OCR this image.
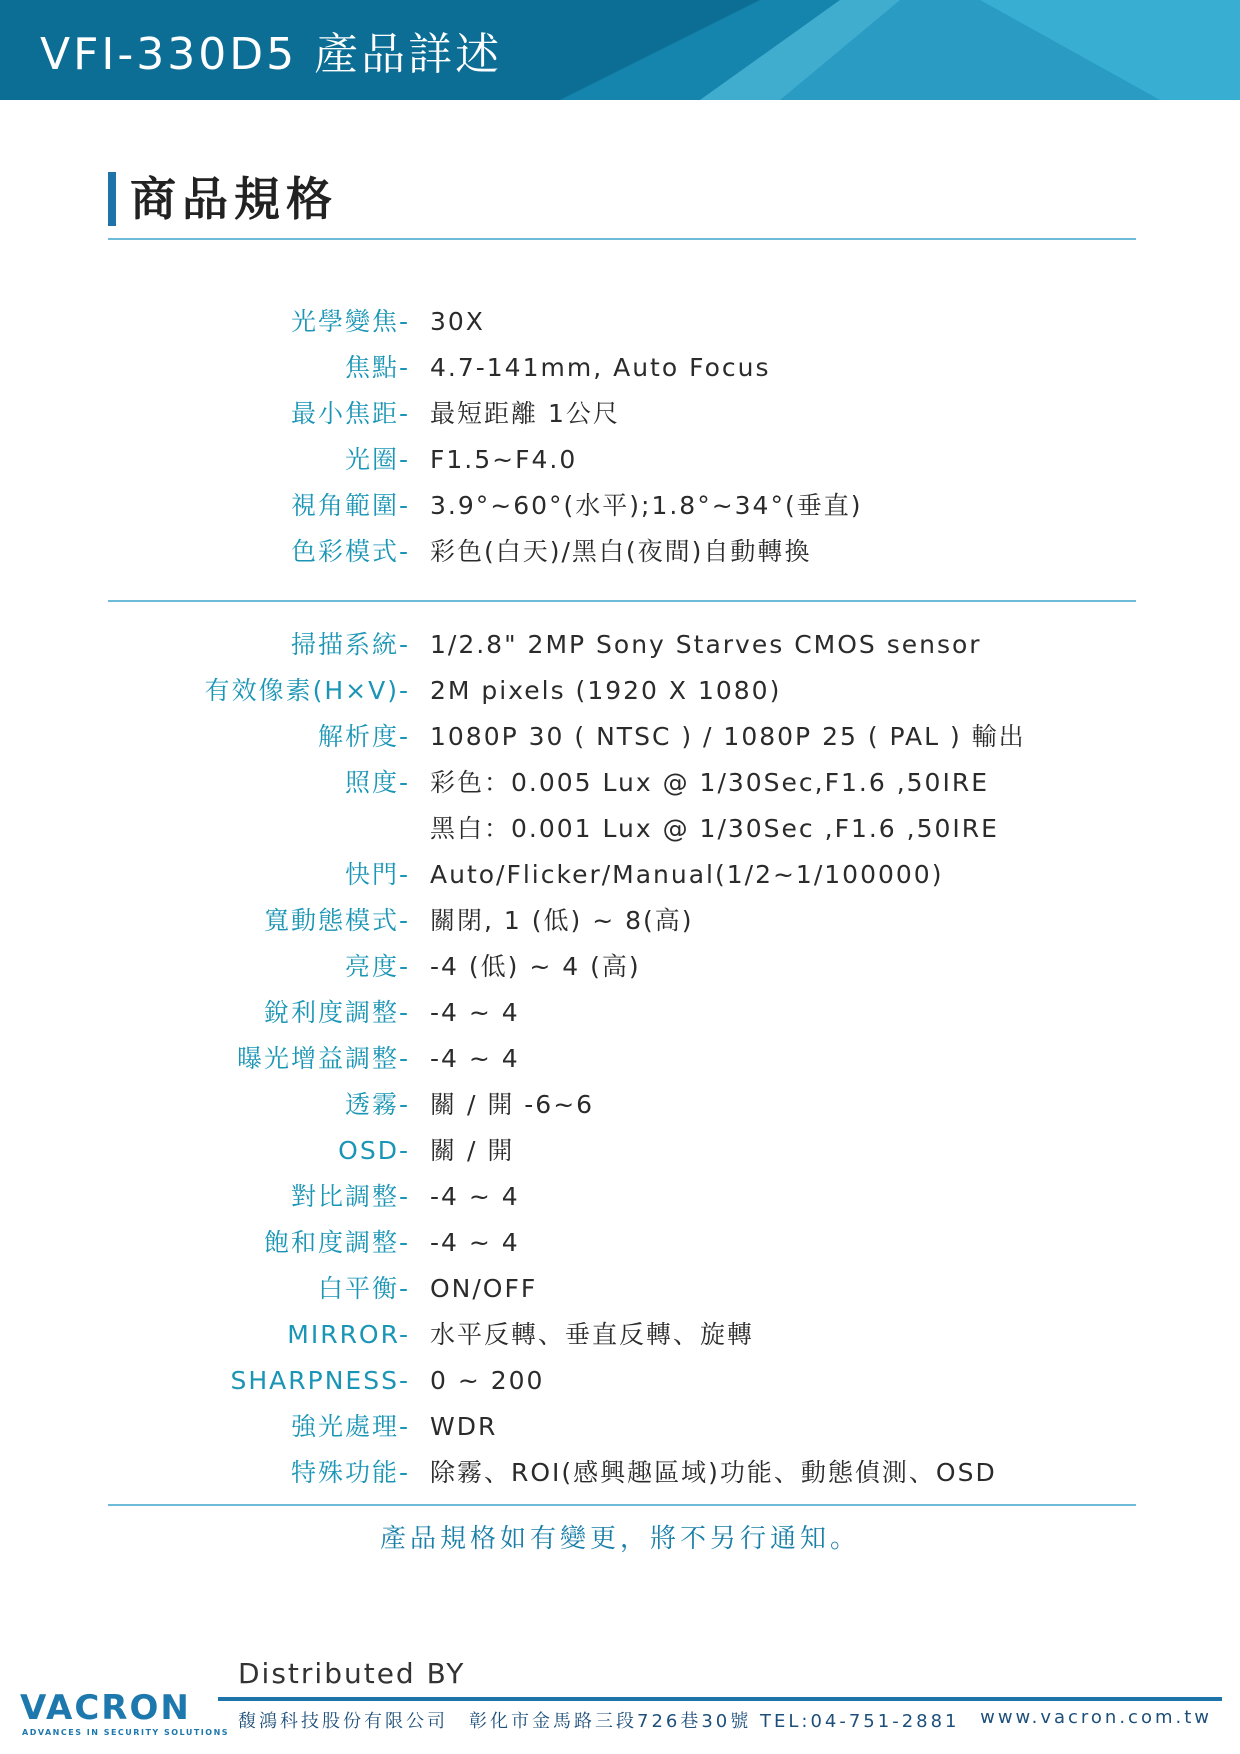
VFI-330D5 產品詳述
商品規格
光學變焦- 30X
焦點- 4.7-141mm, Auto Focus
最小焦距- 最短距離 1公尺
光圈- F1.5~F4.0
視角範圍- 3.9°~60°(水平);1.8°~34°(垂直)
色彩模式- 彩色(白天)/黑白(夜間)自動轉換
掃描系統- 1/2.8" 2MP Sony Starves CMOS sensor
有效像素(H×V)- 2M pixels (1920 X 1080)
解析度- 1080P 30 ( NTSC ) / 1080P 25 ( PAL ) 輸出
照度- 彩色：0.005 Lux @ 1/30Sec,F1.6 ,50IRE
黑白：0.001 Lux @ 1/30Sec ,F1.6 ,50IRE
快門- Auto/Flicker/Manual(1/2~1/100000)
寬動態模式- 關閉, 1 (低) ~ 8(高)
亮度- -4 (低) ~ 4 (高)
銳利度調整- -4 ~ 4
曝光增益調整- -4 ~ 4
透霧- 關 / 開 -6~6
OSD- 關 / 開
對比調整- -4 ~ 4
飽和度調整- -4 ~ 4
白平衡- ON/OFF
MIRROR- 水平反轉、垂直反轉、旋轉
SHARPNESS- 0 ~ 200
強光處理- WDR
特殊功能- 除霧、ROI(感興趣區域)功能、動態偵測、OSD
產品規格如有變更，將不另行通知。
Distributed BY
VACRON
ADVANCES IN SECURITY SOLUTIONS
馥鴻科技股份有限公司　彰化市金馬路三段726巷30號 TEL:04-751-2881 www.vacron.com.tw
